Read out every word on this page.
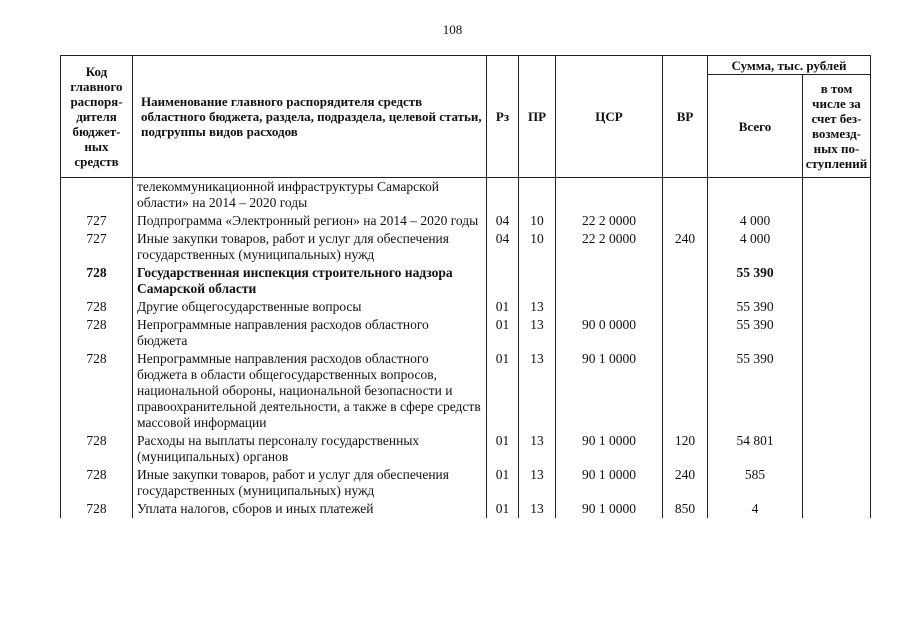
108
Код главного распоря-дителя бюджет-ных средств	Наименование главного распорядителя средств областного бюджета, раздела, подраздела, целевой статьи, подгруппы видов расходов	Рз	ПР	ЦСР	ВР	Сумма, тыс. рублей	
						Всего	в том числе за счет без-возмезд-ных по-ступлений
	телекоммуникационной инфраструктуры Самарской области» на 2014 – 2020 годы						
727	Подпрограмма «Электронный регион» на 2014 – 2020 годы	04	10	22 2 0000		4 000	
727	Иные закупки товаров, работ и услуг для обеспечения государственных (муниципальных) нужд	04	10	22 2 0000	240	4 000	
728	Государственная инспекция строительного надзора Самарской области					55 390	
728	Другие общегосударственные вопросы	01	13			55 390	
728	Непрограммные направления расходов областного бюджета	01	13	90 0 0000		55 390	
728	Непрограммные направления расходов областного бюджета в области общегосударственных вопросов, национальной обороны, национальной безопасности и правоохранительной деятельности, а также в сфере средств массовой информации	01	13	90 1 0000		55 390	
728	Расходы на выплаты персоналу государственных (муниципальных) органов	01	13	90 1 0000	120	54 801	
728	Иные закупки товаров, работ и услуг для обеспечения государственных (муниципальных) нужд	01	13	90 1 0000	240	585	
728	Уплата налогов, сборов и иных платежей	01	13	90 1 0000	850	4	
